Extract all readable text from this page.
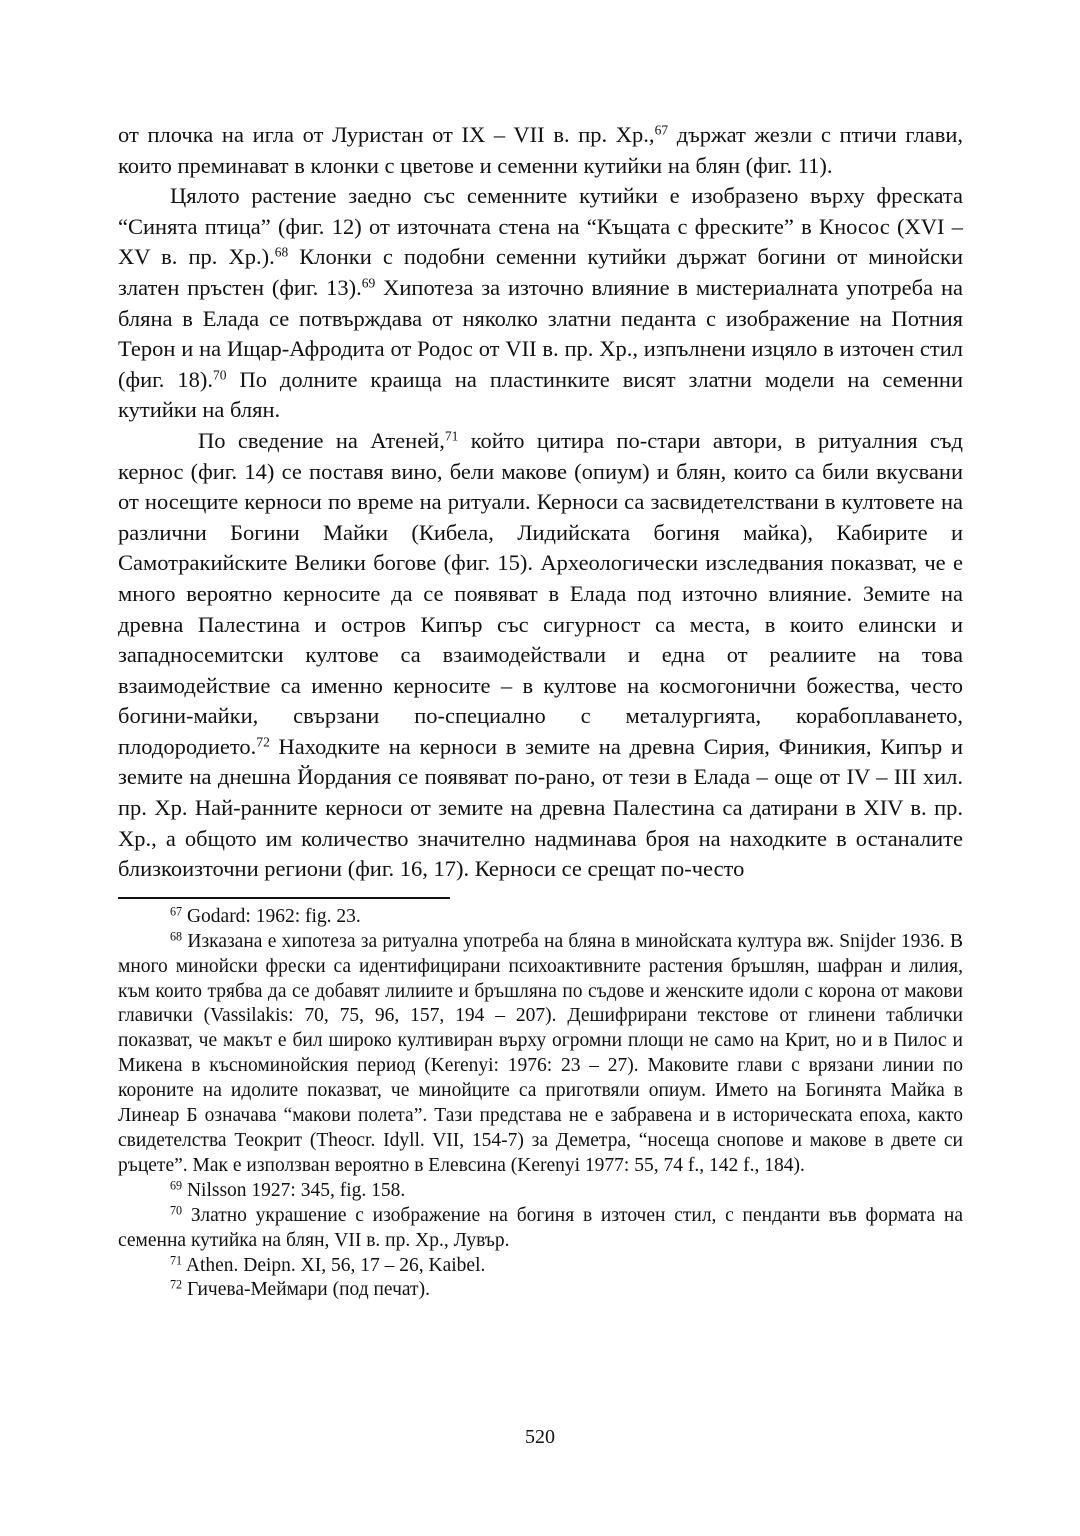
от плочка на игла от Луристан от IX – VII в. пр. Хр.,$^{67}$ държат жезли с птичи глави, които преминават в клонки с цветове и семенни кутийки на блян (фиг. 11).

Цялото растение заедно със семенните кутийки е изобразено върху фреската “Синята птица” (фиг. 12) от източната стена на “Къщата с фреските” в Кносос (XVI – XV в. пр. Хр.).$^{68}$ Клонки с подобни семенни кутийки държат богини от минойски златен пръстен (фиг. 13).$^{69}$ Хипотеза за източно влияние в мистериалната употреба на бляна в Елада се потвърждава от няколко златни педанта с изображение на Потния Терон и на Ищар-Афродита от Родос от VII в. пр. Хр., изпълнени изцяло в източен стил (фиг. 18).$^{70}$ По долните краища на пластинките висят златни модели на семенни кутийки на блян.

По сведение на Атеней,$^{71}$ който цитира по-стари автори, в ритуалния съд кернос (фиг. 14) се поставя вино, бели макове (опиум) и блян, които са били вкусвани от носещите керноси по време на ритуали. Керноси са засвидетелствани в култовете на различни Богини Майки (Кибела, Лидийската богиня майка), Кабирите и Самотракийските Велики богове (фиг. 15). Археологически изследвания показват, че е много вероятно керносите да се появяват в Елада под източно влияние. Земите на древна Палестина и остров Кипър със сигурност са места, в които елински и западносемитски култове са взаимодействали и една от реалиите на това взаимодействие са именно керносите – в култове на космогонични божества, често богини-майки, свързани по-специално с металургията, корабоплаването, плодородието.$^{72}$ Находките на керноси в земите на древна Сирия, Финикия, Кипър и земите на днешна Йордания се появяват по-рано, от тези в Елада – още от IV – III хил. пр. Хр. Най-ранните керноси от земите на древна Палестина са датирани в XIV в. пр. Хр., а общото им количество значително надминава броя на находките в останалите близкоизточни региони (фиг. 16, 17). Керноси се срещат по-често

$^{67}$ Godard: 1962: fig. 23.

$^{68}$ Изказана е хипотеза за ритуална употреба на бляна в минойската култура вж. Snijder 1936. В много минойски фрески са идентифицирани психоактивните растения бръшлян, шафран и лилия, към които трябва да се добавят лилиите и бръшляна по съдове и женските идоли с корона от макови главички (Vassilakis: 70, 75, 96, 157, 194 – 207). Дешифрирани текстове от глинени таблички показват, че макът е бил широко култивиран върху огромни площи не само на Крит, но и в Пилос и Микена в късноминойския период (Kerenyi: 1976: 23 – 27). Маковите глави с врязани линии по короните на идолите показват, че минойците са приготвяли опиум. Името на Богинята Майка в Линеар Б означава “макови полета”. Тази представа не е забравена и в историческата епоха, както свидетелства Теокрит (Theocr. Idyll. VII, 154-7) за Деметра, “носеща снопове и макове в двете си ръцете”. Мак е използван вероятно в Елевсина (Kerenyi 1977: 55, 74 f., 142 f., 184).

$^{69}$ Nilsson 1927: 345, fig. 158.

$^{70}$ Златно украшение с изображение на богиня в източен стил, с пенданти във формата на семенна кутийка на блян, VII в. пр. Хр., Лувър.

$^{71}$ Athen. Deipn. XI, 56, 17 – 26, Kaibel.

$^{72}$ Гичева-Меймари (под печат).

520
